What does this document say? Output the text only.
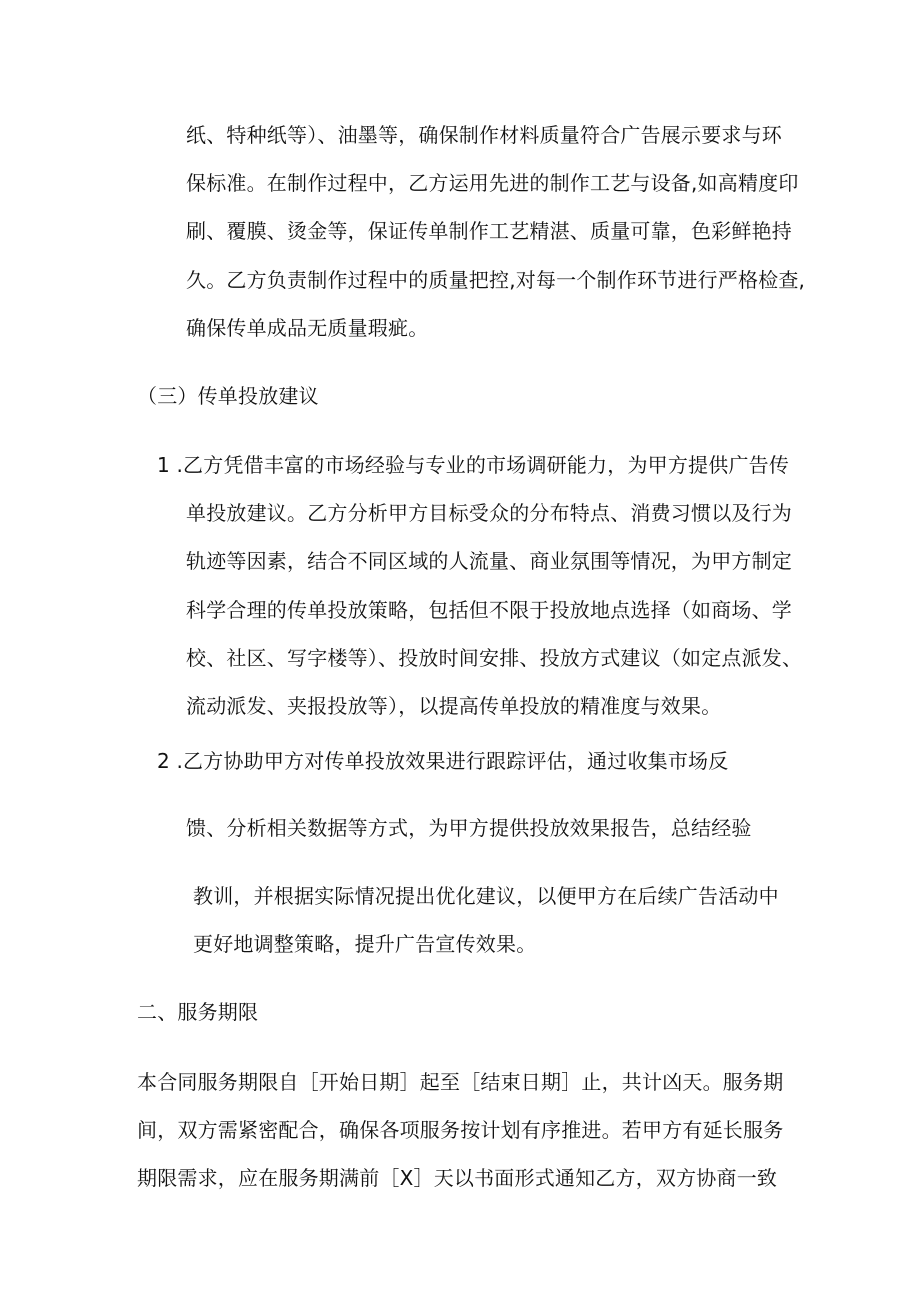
纸、特种纸等）、油墨等，确保制作材料质量符合广告展示要求与环
保标准。在制作过程中，乙方运用先进的制作工艺与设备,如高精度印
刷、覆膜、烫金等，保证传单制作工艺精湛、质量可靠，色彩鲜艳持
久。乙方负责制作过程中的质量把控,对每一个制作环节进行严格检查,
确保传单成品无质量瑕疵。
（三）传单投放建议
1 .乙方凭借丰富的市场经验与专业的市场调研能力，为甲方提供广告传
单投放建议。乙方分析甲方目标受众的分布特点、消费习惯以及行为
轨迹等因素，结合不同区域的人流量、商业氛围等情况，为甲方制定
科学合理的传单投放策略，包括但不限于投放地点选择（如商场、学
校、社区、写字楼等）、投放时间安排、投放方式建议（如定点派发、
流动派发、夹报投放等），以提高传单投放的精准度与效果。
2 .乙方协助甲方对传单投放效果进行跟踪评估，通过收集市场反
馈、分析相关数据等方式，为甲方提供投放效果报告，总结经验
教训，并根据实际情况提出优化建议，以便甲方在后续广告活动中
更好地调整策略，提升广告宣传效果。
二、服务期限
本合同服务期限自［开始日期］起至［结束日期］止，共计凶天。服务期
间，双方需紧密配合，确保各项服务按计划有序推进。若甲方有延长服务
期限需求，应在服务期满前［X］天以书面形式通知乙方，双方协商一致
